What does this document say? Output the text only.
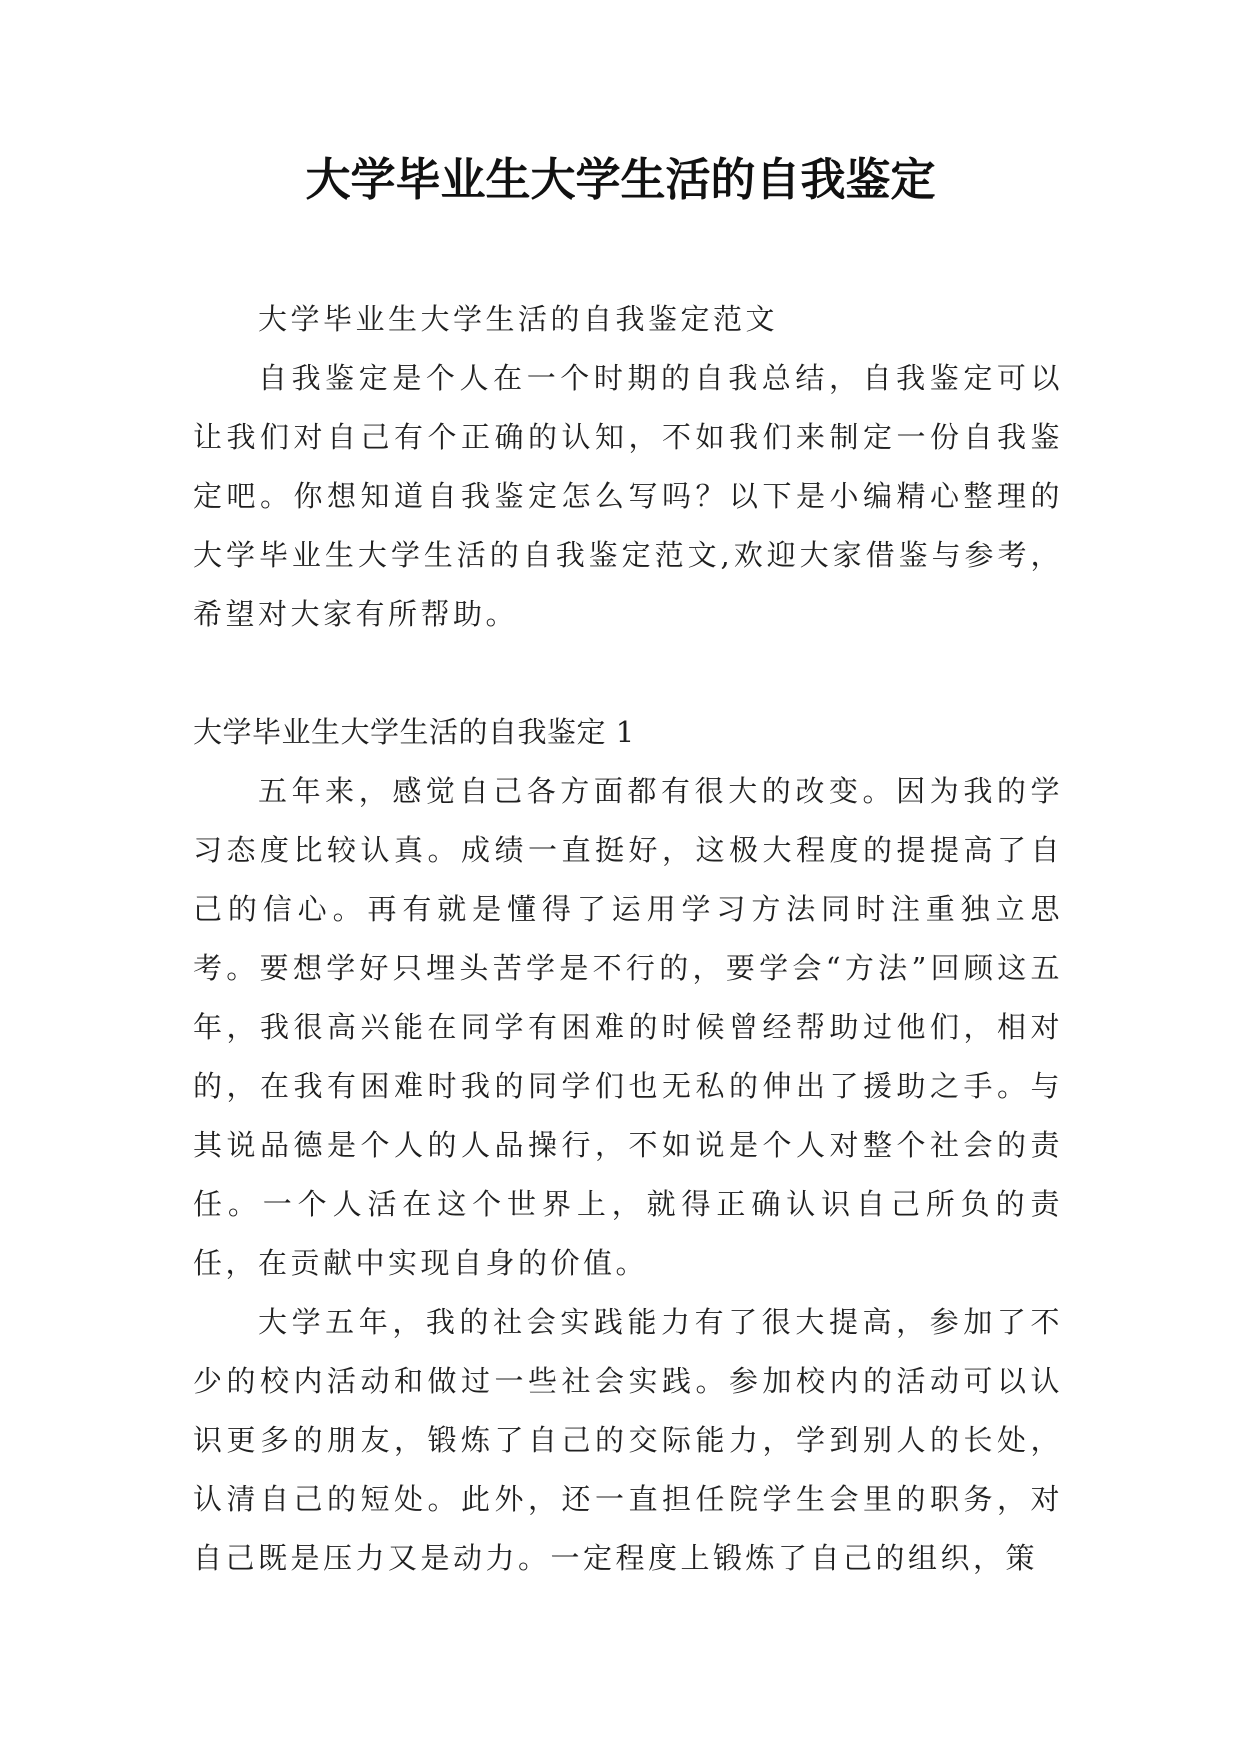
大学毕业生大学生活的自我鉴定

大学毕业生大学生活的自我鉴定范文

自我鉴定是个人在一个时期的自我总结，自我鉴定可以让我们对自己有个正确的认知，不如我们来制定一份自我鉴定吧。你想知道自我鉴定怎么写吗？以下是小编精心整理的大学毕业生大学生活的自我鉴定范文,欢迎大家借鉴与参考，希望对大家有所帮助。

大学毕业生大学生活的自我鉴定 1

五年来，感觉自己各方面都有很大的改变。因为我的学习态度比较认真。成绩一直挺好，这极大程度的提提高了自己的信心。再有就是懂得了运用学习方法同时注重独立思考。要想学好只埋头苦学是不行的，要学会“方法”回顾这五年，我很高兴能在同学有困难的时候曾经帮助过他们，相对的，在我有困难时我的同学们也无私的伸出了援助之手。与其说品德是个人的人品操行，不如说是个人对整个社会的责任。一个人活在这个世界上，就得正确认识自己所负的责任，在贡献中实现自身的价值。

大学五年，我的社会实践能力有了很大提高，参加了不少的校内活动和做过一些社会实践。参加校内的活动可以认识更多的朋友，锻炼了自己的交际能力，学到别人的长处，认清自己的短处。此外，还一直担任院学生会里的职务，对自己既是压力又是动力。一定程度上锻炼了自己的组织，策
